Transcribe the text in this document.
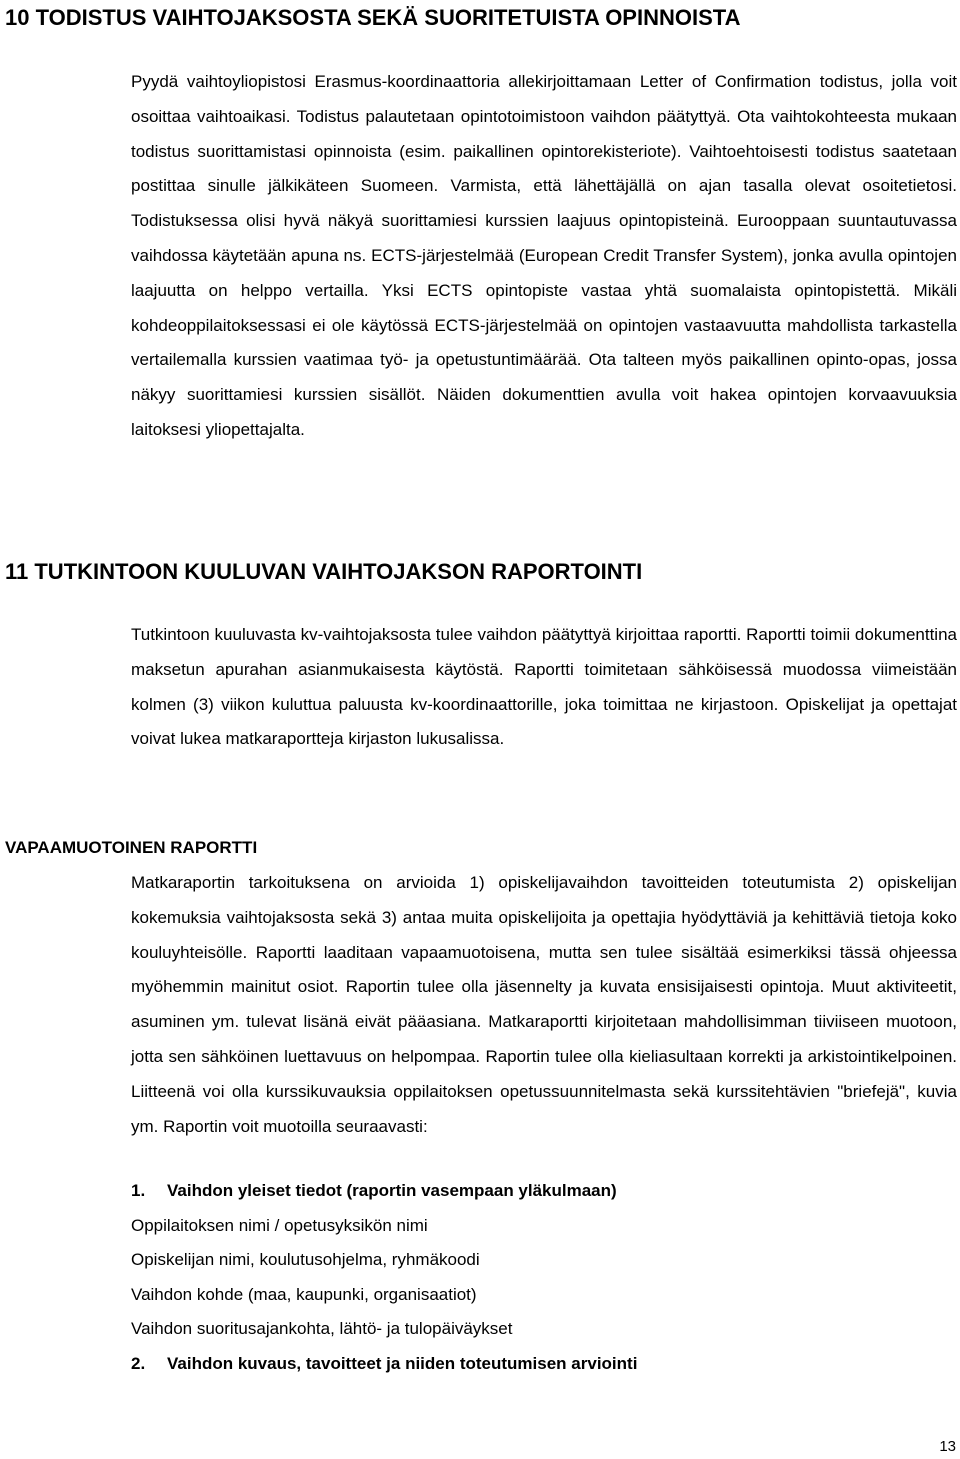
10 TODISTUS VAIHTOJAKSOSTA SEKÄ SUORITETUISTA OPINNOISTA

Pyydä vaihtoyliopistosi Erasmus-koordinaattoria allekirjoittamaan Letter of Confirmation todistus, jolla voit osoittaa vaihtoaikasi. Todistus palautetaan opintotoimistoon vaihdon päätyttyä. Ota vaihtokohteesta mukaan todistus suorittamistasi opinnoista (esim. paikallinen opintorekisteriote). Vaihtoehtoisesti todistus saatetaan postittaa sinulle jälkikäteen Suomeen. Varmista, että lähettäjällä on ajan tasalla olevat osoitetietosi. Todistuksessa olisi hyvä näkyä suorittamiesi kurssien laajuus opintopisteinä. Eurooppaan suuntautuvassa vaihdossa käytetään apuna ns. ECTS-järjestelmää (European Credit Transfer System), jonka avulla opintojen laajuutta on helppo vertailla. Yksi ECTS opintopiste vastaa yhtä suomalaista opintopistettä. Mikäli kohdeoppilaitoksessasi ei ole käytössä ECTS-järjestelmää on opintojen vastaavuutta mahdollista tarkastella vertailemalla kurssien vaatimaa työ- ja opetustuntimäärää. Ota talteen myös paikallinen opinto-opas, jossa näkyy suorittamiesi kurssien sisällöt. Näiden dokumenttien avulla voit hakea opintojen korvaavuuksia laitoksesi yliopettajalta.

11 TUTKINTOON KUULUVAN VAIHTOJAKSON RAPORTOINTI

Tutkintoon kuuluvasta kv-vaihtojaksosta tulee vaihdon päätyttyä kirjoittaa raportti. Raportti toimii dokumenttina maksetun apurahan asianmukaisesta käytöstä. Raportti toimitetaan sähköisessä muodossa viimeistään kolmen (3) viikon kuluttua paluusta kv-koordinaattorille, joka toimittaa ne kirjastoon. Opiskelijat ja opettajat voivat lukea matkaraportteja kirjaston lukusalissa.

VAPAAMUOTOINEN RAPORTTI

Matkaraportin tarkoituksena on arvioida 1) opiskelijavaihdon tavoitteiden toteutumista 2) opiskelijan kokemuksia vaihtojaksosta sekä 3) antaa muita opiskelijoita ja opettajia hyödyttäviä ja kehittäviä tietoja koko kouluyhteisölle. Raportti laaditaan vapaamuotoisena, mutta sen tulee sisältää esimerkiksi tässä ohjeessa myöhemmin mainitut osiot. Raportin tulee olla jäsennelty ja kuvata ensisijaisesti opintoja. Muut aktiviteetit, asuminen ym. tulevat lisänä eivät pääasiana. Matkaraportti kirjoitetaan mahdollisimman tiiviiseen muotoon, jotta sen sähköinen luettavuus on helpompaa. Raportin tulee olla kieliasultaan korrekti ja arkistointikelpoinen. Liitteenä voi olla kurssikuvauksia oppilaitoksen opetussuunnitelmasta sekä kurssitehtävien "briefejä", kuvia ym. Raportin voit muotoilla seuraavasti:

1. Vaihdon yleiset tiedot (raportin vasempaan yläkulmaan)
Oppilaitoksen nimi / opetusyksikön nimi
Opiskelijan nimi, koulutusohjelma, ryhmäkoodi
Vaihdon kohde (maa, kaupunki, organisaatiot)
Vaihdon suoritusajankohta, lähtö- ja tulopäiväykset
2. Vaihdon kuvaus, tavoitteet ja niiden toteutumisen arviointi
13
